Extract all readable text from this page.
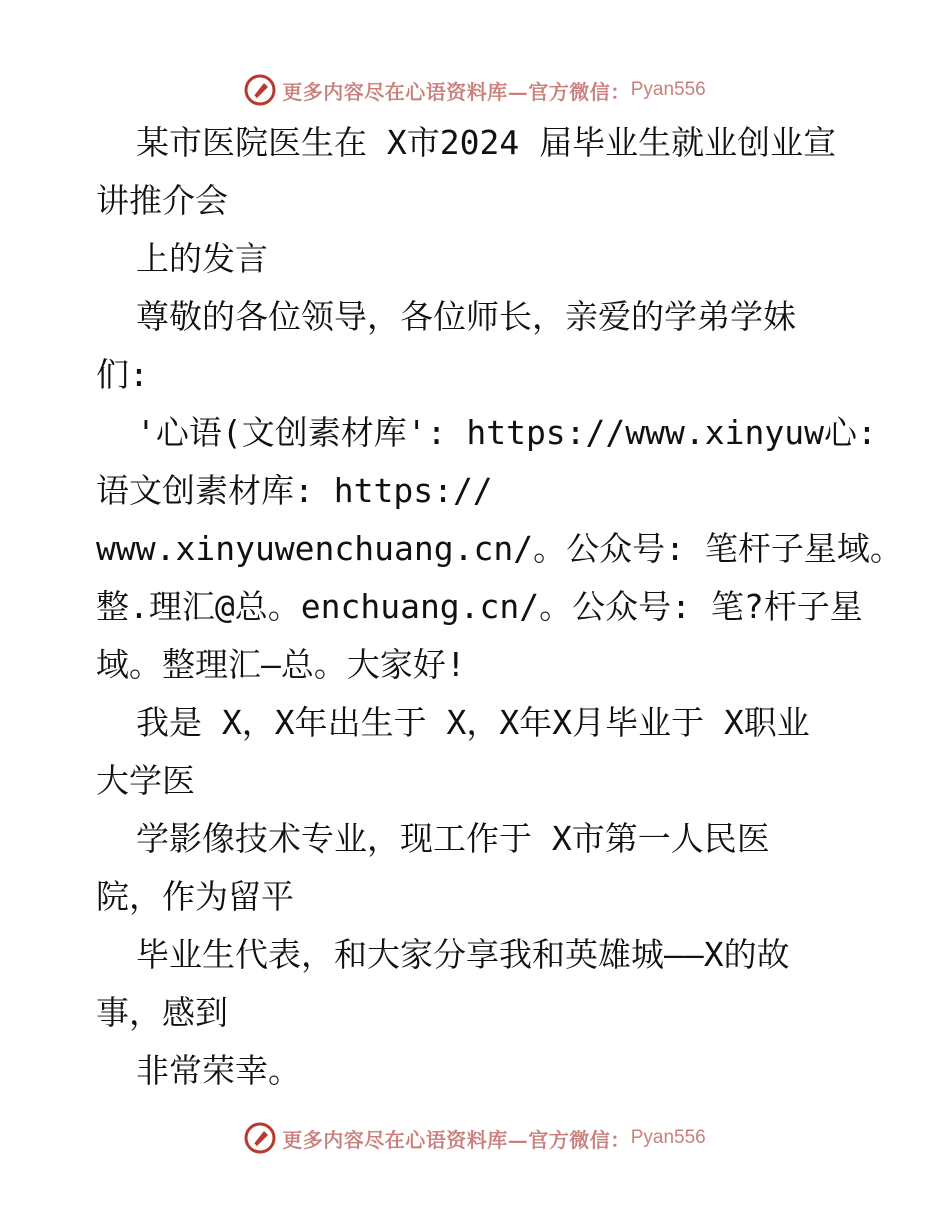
更多内容尽在心语资料库—官方微信： Pyan556
某市医院医生在 X市2024 届毕业生就业创业宣
讲推介会
上的发言
尊敬的各位领导，各位师长，亲爱的学弟学妹
们:
'心语(文创素材库': https://www.xinyuw心:
语文创素材库: https://
www.xinyuwenchuang.cn/。公众号: 笔杆子星域。
整.理汇@总。enchuang.cn/。公众号: 笔?杆子星
域。整理汇—总。大家好!
我是 X，X年出生于 X，X年X月毕业于 X职业
大学医
学影像技术专业，现工作于 X市第一人民医
院，作为留平
毕业生代表，和大家分享我和英雄城——X的故
事，感到
非常荣幸。
更多内容尽在心语资料库—官方微信： Pyan556
